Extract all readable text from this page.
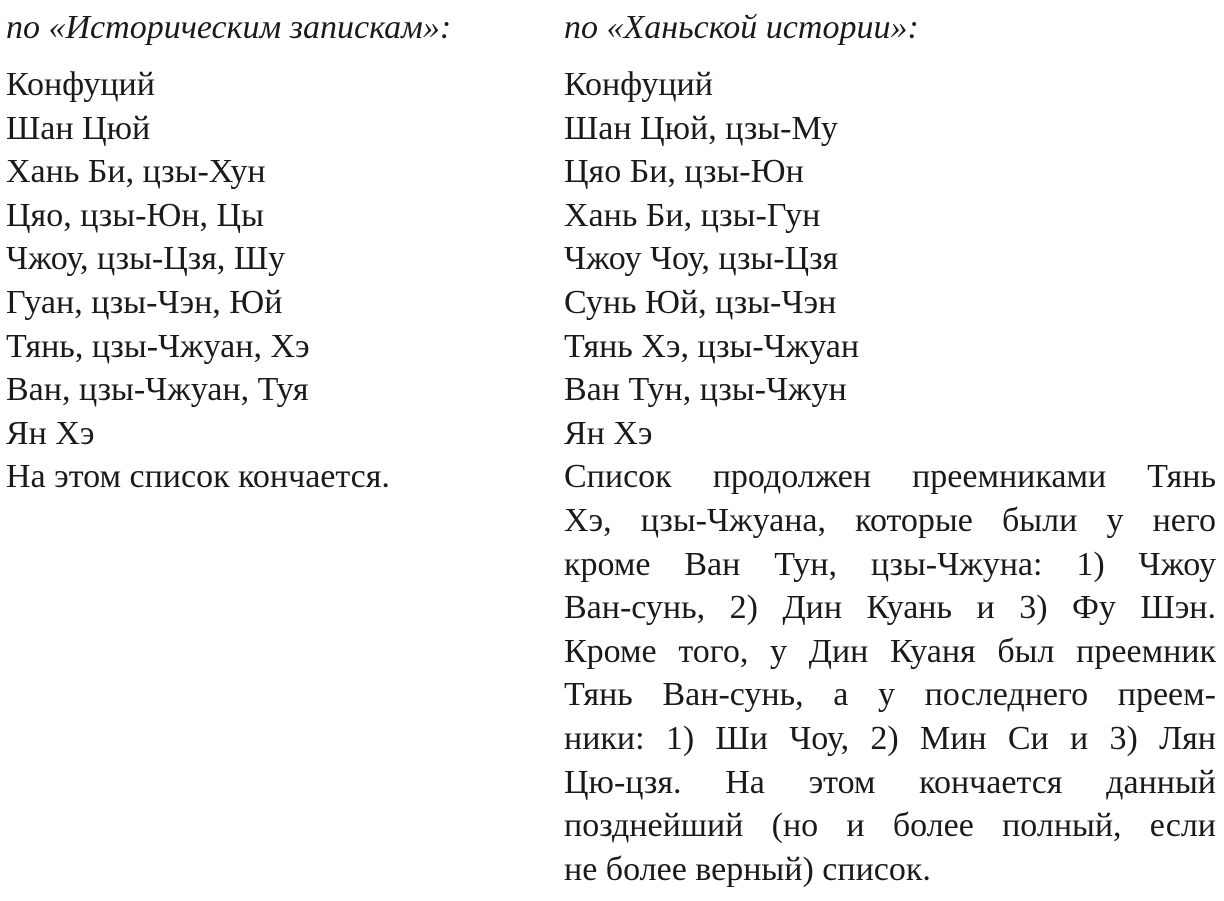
по «Историческим запискам»:
Конфуций
Шан Цюй
Хань Би, цзы-Хун
Цяо, цзы-Юн, Цы
Чжоу, цзы-Цзя, Шу
Гуан, цзы-Чэн, Юй
Тянь, цзы-Чжуан, Хэ
Ван, цзы-Чжуан, Туя
Ян Хэ
На этом список кончается.
по «Ханьской истории»:
Конфуций
Шан Цюй, цзы-Му
Цяо Би, цзы-Юн
Хань Би, цзы-Гун
Чжоу Чоу, цзы-Цзя
Сунь Юй, цзы-Чэн
Тянь Хэ, цзы-Чжуан
Ван Тун, цзы-Чжун
Ян Хэ
Список продолжен преемниками Тянь
Хэ, цзы-Чжуана, которые были у него
кроме Ван Тун, цзы-Чжуна: 1) Чжоу
Ван-сунь, 2) Дин Куань и 3) Фу Шэн.
Кроме того, у Дин Куаня был преемник
Тянь Ван-сунь, а у последнего преем-
ники: 1) Ши Чоу, 2) Мин Си и 3) Лян
Цю-цзя. На этом кончается данный
позднейший (но и более полный, если
не более верный) список.
